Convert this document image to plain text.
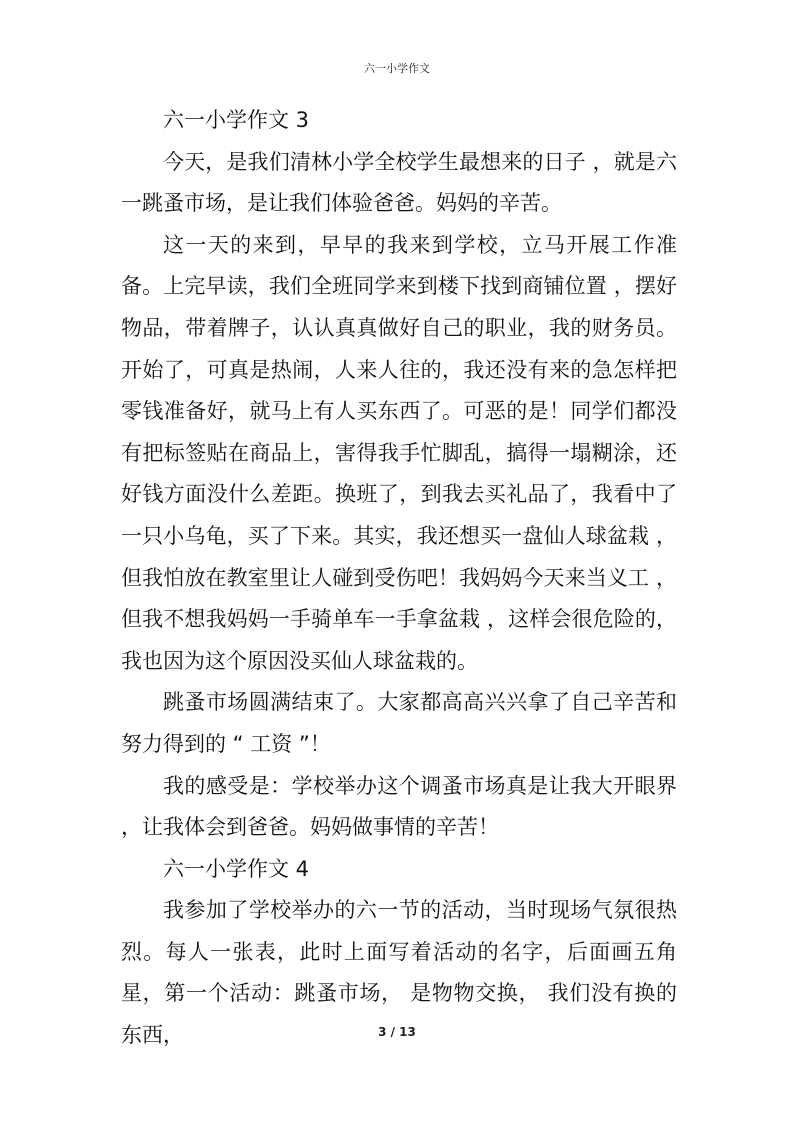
六一小学作文

六一小学作文 3

今天，是我们清林小学全校学生最想来的日子 ，就是六一跳蚤市场，是让我们体验爸爸。妈妈的辛苦。

这一天的来到，早早的我来到学校，立马开展工作准备。上完早读，我们全班同学来到楼下找到商铺位置 ，摆好物品，带着牌子，认认真真做好自己的职业，我的财务员。开始了，可真是热闹，人来人往的，我还没有来的急怎样把零钱准备好，就马上有人买东西了。可恶的是！同学们都没有把标签贴在商品上，害得我手忙脚乱，搞得一塌糊涂，还好钱方面没什么差距。换班了，到我去买礼品了，我看中了一只小乌龟，买了下来。其实，我还想买一盘仙人球盆栽 ，但我怕放在教室里让人碰到受伤吧！我妈妈今天来当义工 ，但我不想我妈妈一手骑单车一手拿盆栽 ，这样会很危险的，我也因为这个原因没买仙人球盆栽的。

跳蚤市场圆满结束了。大家都高高兴兴拿了自己辛苦和努力得到的 “ 工资 ”！

我的感受是：学校举办这个调蚤市场真是让我大开眼界 ，让我体会到爸爸。妈妈做事情的辛苦！

六一小学作文 4

我参加了学校举办的六一节的活动，当时现场气氛很热烈。每人一张表，此时上面写着活动的名字，后面画五角星，第一个活动：跳蚤市场， 是物物交换， 我们没有换的东西，	3 / 13
